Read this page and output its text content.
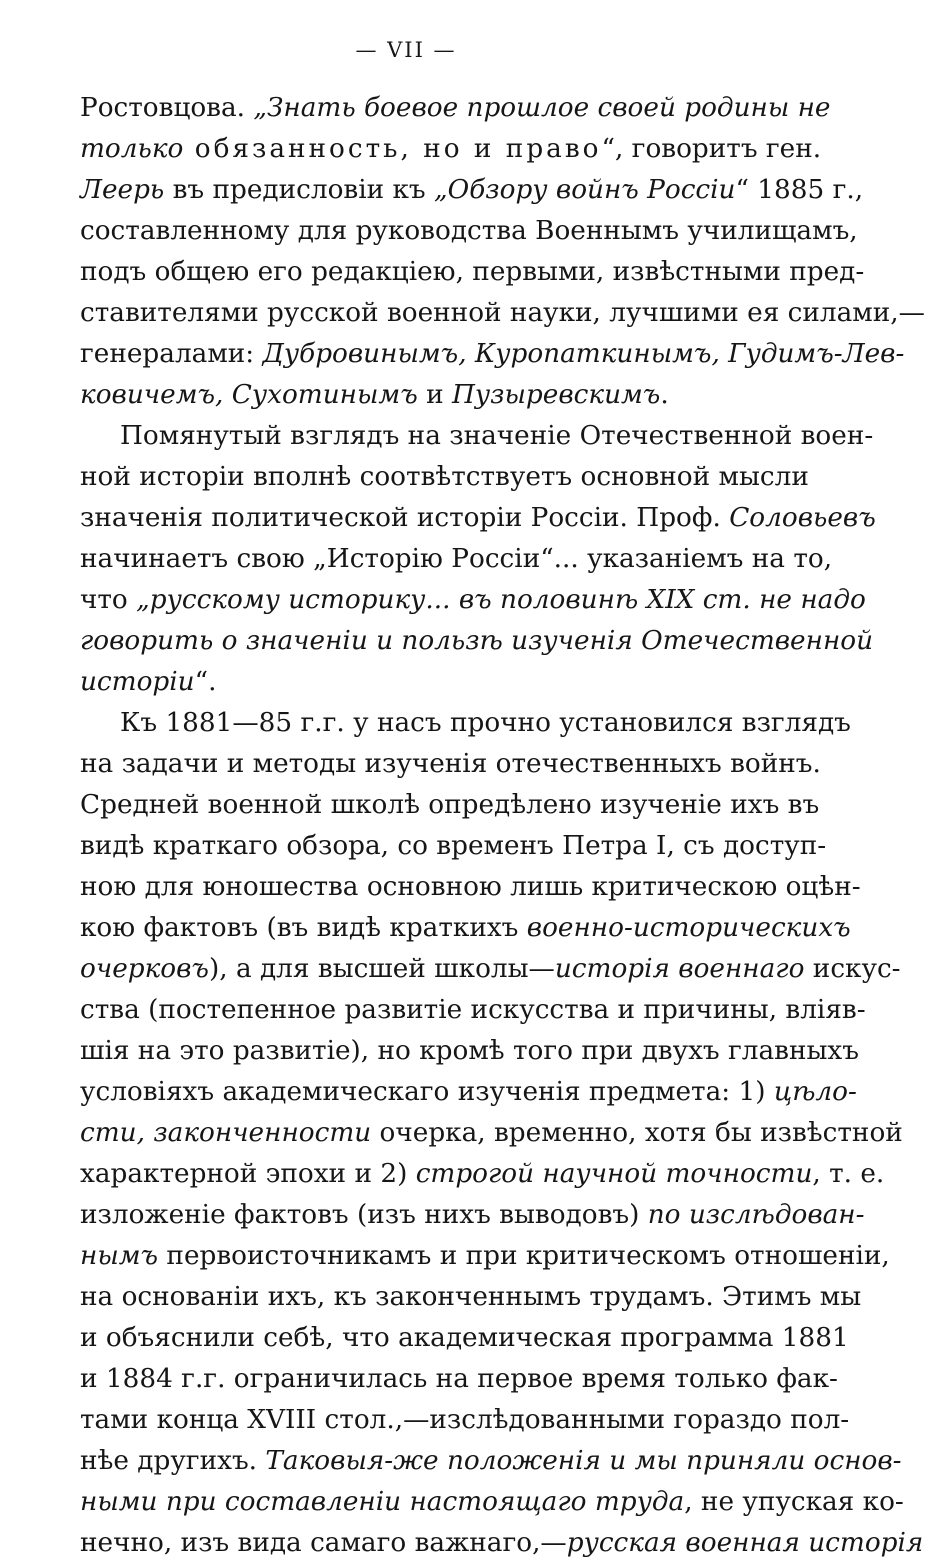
— VII —
Ростовцова. „Знать боевое прошлое своей родины не
только обязанность, но и право“, говоритъ ген.
Леерь въ предисловіи къ „Обзору войнъ Россіи“ 1885 г.,
составленному для руководства Военнымъ училищамъ,
подъ общею его редакціею, первыми, извѣстными пред-
ставителями русской военной науки, лучшими ея силами,—
генералами: Дубровинымъ, Куропаткинымъ, Гудимъ-Лев-
ковичемъ, Сухотинымъ и Пузыревскимъ.
Помянутый взглядъ на значеніе Отечественной воен-
ной исторіи вполнѣ соотвѣтствуетъ основной мысли
значенія политической исторіи Россіи. Проф. Соловьевъ
начинаетъ свою „Исторію Россіи“... указаніемъ на то,
что „русскому историку... въ половинѣ XIX ст. не надо
говорить о значеніи и пользѣ изученія Отечественной
исторіи“.
Къ 1881—85 г.г. у насъ прочно установился взглядъ
на задачи и методы изученія отечественныхъ войнъ.
Средней военной школѣ опредѣлено изученіе ихъ въ
видѣ краткаго обзора, со временъ Петра I, съ доступ-
ною для юношества основною лишь критическою оцѣн-
кою фактовъ (въ видѣ краткихъ военно-историческихъ
очерковъ), а для высшей школы—исторія военнаго искус-
ства (постепенное развитіе искусства и причины, вліяв-
шія на это развитіе), но кромѣ того при двухъ главныхъ
условіяхъ академическаго изученія предмета: 1) цѣло-
сти, законченности очерка, временно, хотя бы извѣстной
характерной эпохи и 2) строгой научной точности, т. е.
изложеніе фактовъ (изъ нихъ выводовъ) по изслѣдован-
нымъ первоисточникамъ и при критическомъ отношеніи,
на основаніи ихъ, къ законченнымъ трудамъ. Этимъ мы
и объяснили себѣ, что академическая программа 1881
и 1884 г.г. ограничилась на первое время только фак-
тами конца XVIII стол.,—изслѣдованными гораздо пол-
нѣе другихъ. Таковыя-же положенія и мы приняли основ-
ными при составленіи настоящаго труда, не упуская ко-
нечно, изъ вида самаго важнаго,—русская военная исторія
